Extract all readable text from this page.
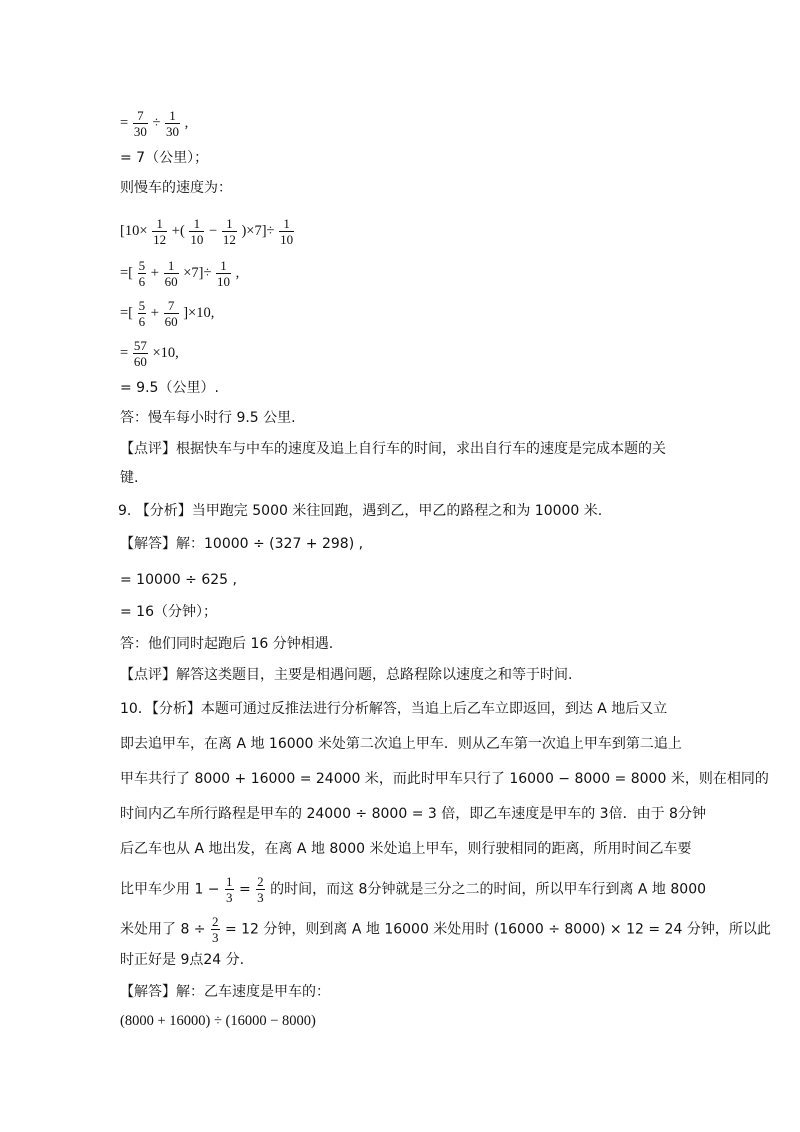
= $\frac{7}{30} \div \frac{1}{30}$ ,
= 7（公里）；
则慢车的速度为：
[$10\times \frac{1}{12}$ +( $\frac{1}{10} - \frac{1}{12} )\times 7]\div \frac{1}{10}$
=[ $\frac{5}{6} + \frac{1}{60} \times 7]\div \frac{1}{10}$ ,
=[ $\frac{5}{6} + \frac{7}{60} ]\times 10$,
= $\frac{57}{60} \times 10$,
= 9.5（公里）.
答：慢车每小时行 9.5 公里.
【点评】根据快车与中车的速度及追上自行车的时间，求出自行车的速度是完成本题的关
键.
9. 【分析】当甲跑完 5000 米往回跑，遇到乙，甲乙的路程之和为 10000 米.
【解答】解：10000 ÷ (327 + 298) ,
= 10000 ÷ 625 ,
= 16（分钟）；
答：他们同时起跑后 16 分钟相遇.
【点评】解答这类题目，主要是相遇问题，总路程除以速度之和等于时间.
10．【分析】本题可通过反推法进行分析解答，当追上后乙车立即返回，到达 A 地后又立
即去追甲车，在离 A 地 16000 米处第二次追上甲车．则从乙车第一次追上甲车到第二追上
甲车共行了 8000 + 16000 = 24000 米，而此时甲车只行了 16000 − 8000 = 8000 米，则在相同的
时间内乙车所行路程是甲车的 24000 ÷ 8000 = 3 倍，即乙车速度是甲车的 3倍．由于 8分钟
后乙车也从 A 地出发，在离 A 地 8000 米处追上甲车，则行驶相同的距离，所用时间乙车要
比甲车少用 $1 - \frac{1}{3} = \frac{2}{3}$ 的时间，而这 8分钟就是三分之二的时间，所以甲车行到离 A 地 8000
米处用了 $8 \div \frac{2}{3} = 12$ 分钟，则到离 A 地 16000 米处用时 (16000 ÷ 8000) × 12 = 24 分钟，所以此
时正好是 9点24 分.
【解答】解：乙车速度是甲车的：
(8000 + 16000) ÷ (16000 − 8000)
